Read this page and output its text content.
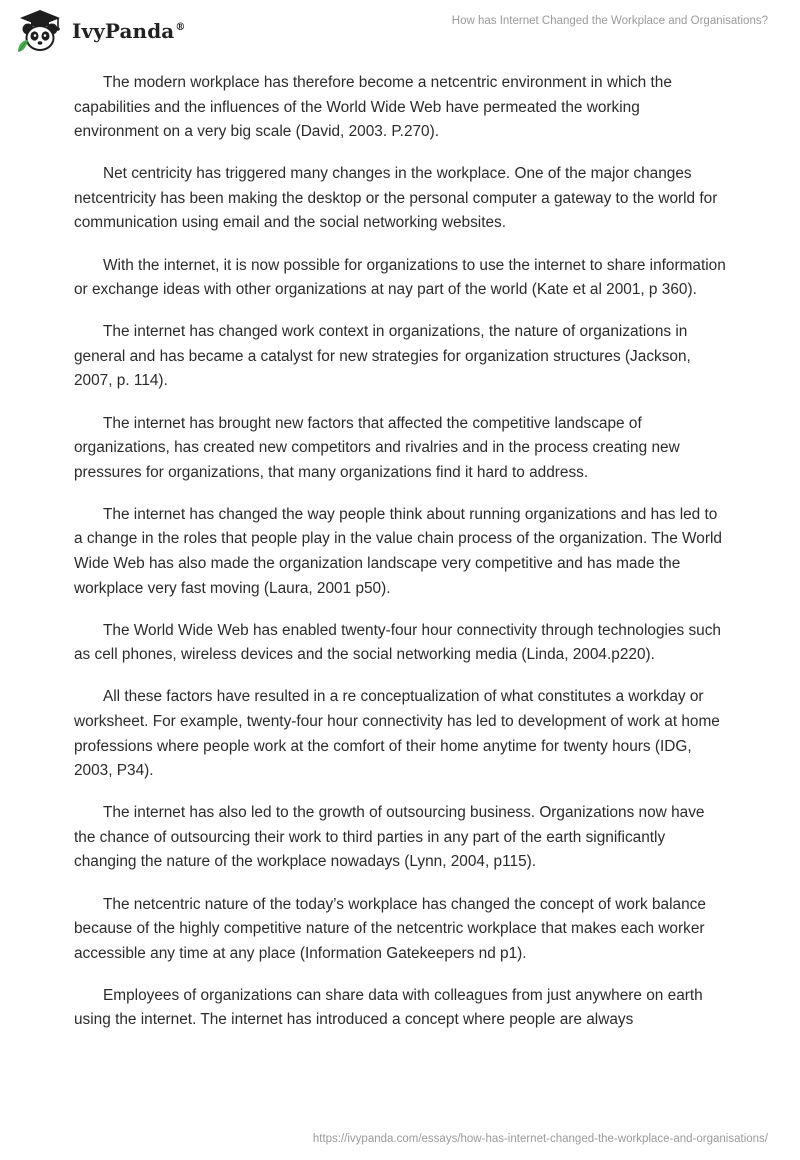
IvyPanda®
How has Internet Changed the Workplace and Organisations?

The modern workplace has therefore become a netcentric environment in which the capabilities and the influences of the World Wide Web have permeated the working environment on a very big scale (David, 2003. P.270).

Net centricity has triggered many changes in the workplace. One of the major changes netcentricity has been making the desktop or the personal computer a gateway to the world for communication using email and the social networking websites.

With the internet, it is now possible for organizations to use the internet to share information or exchange ideas with other organizations at nay part of the world (Kate et al 2001, p 360).

The internet has changed work context in organizations, the nature of organizations in general and has became a catalyst for new strategies for organization structures (Jackson, 2007, p. 114).

The internet has brought new factors that affected the competitive landscape of organizations, has created new competitors and rivalries and in the process creating new pressures for organizations, that many organizations find it hard to address.

The internet has changed the way people think about running organizations and has led to a change in the roles that people play in the value chain process of the organization. The World Wide Web has also made the organization landscape very competitive and has made the workplace very fast moving (Laura, 2001 p50).

The World Wide Web has enabled twenty-four hour connectivity through technologies such as cell phones, wireless devices and the social networking media (Linda, 2004.p220).

All these factors have resulted in a re conceptualization of what constitutes a workday or worksheet. For example, twenty-four hour connectivity has led to development of work at home professions where people work at the comfort of their home anytime for twenty hours (IDG, 2003, P34).

The internet has also led to the growth of outsourcing business. Organizations now have the chance of outsourcing their work to third parties in any part of the earth significantly changing the nature of the workplace nowadays (Lynn, 2004, p115).

The netcentric nature of the today’s workplace has changed the concept of work balance because of the highly competitive nature of the netcentric workplace that makes each worker accessible any time at any place (Information Gatekeepers nd p1).

Employees of organizations can share data with colleagues from just anywhere on earth using the internet. The internet has introduced a concept where people are always

https://ivypanda.com/essays/how-has-internet-changed-the-workplace-and-organisations/
